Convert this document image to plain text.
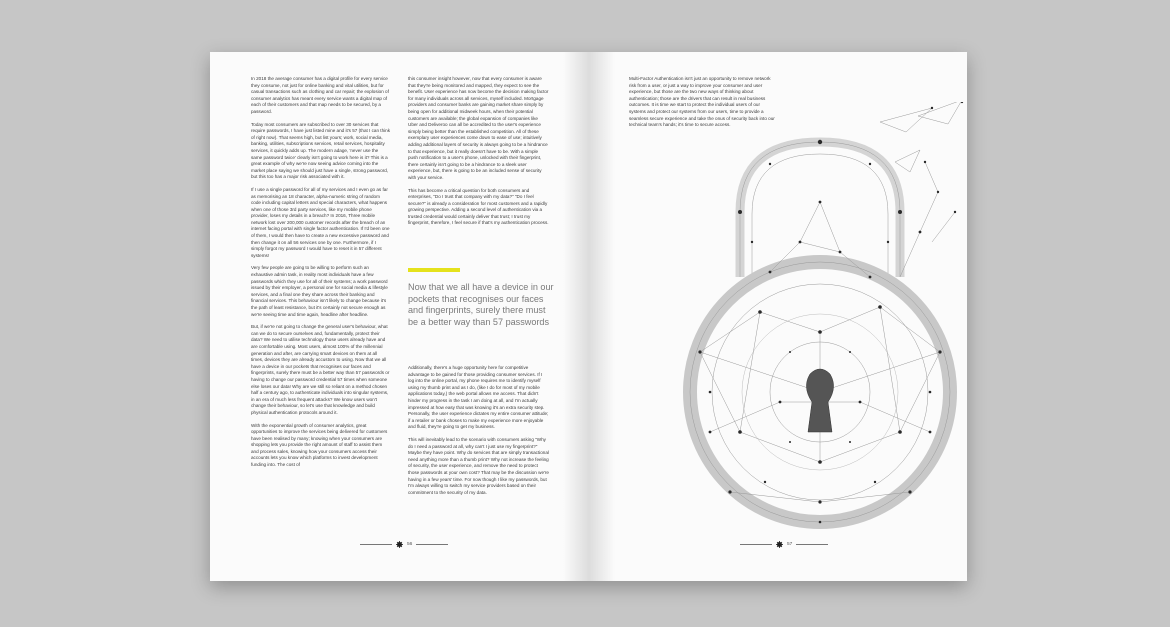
In 2018 the average consumer has a digital profile for every service they consume, not just for online banking and vital utilities, but for casual transactions such as clothing and car repair; the explosion of consumer analytics has meant every service wants a digital map of each of their customers and that map needs to be secured, by a password.

Today most consumers are subscribed to over 30 services that require passwords, I have just listed mine and it's 57 (that I can think of right now). That seems high, but list yours; work, social media, banking, utilities, subscriptions services, retail services, hospitality services, it quickly adds up. The modern adage, 'never use the same password twice' clearly isn't going to work here is it? This is a great example of why we're now seeing advice coming into the market place saying we should just have a single, strong password, but this too has a major risk associated with it.

If I use a single password for all of my services and I even go as far as memorising an 18 character, alpha-numeric string of random code including capital letters and special characters, what happens when one of those 3rd party services, like my mobile phone provider, loses my details in a breach? In 2016, Three mobile network lost over 200,000 customer records after the breach of an internet facing portal with single factor authentication. If I'd been one of them, I would then have to create a new excessive password and then change it on all 56 services one by one. Furthermore, if I simply forgot my password I would have to reset it in 57 different systems!

Very few people are going to be willing to perform such an exhaustive admin task, in reality most individuals have a few passwords which they use for all of their systems; a work password issued by their employer, a personal one for social media & lifestyle services, and a final one they share across their banking and financial services. This behaviour isn't likely to change because it's the path of least resistance, but it's certainly not secure enough as we're seeing time and time again, headline after headline.

But, if we're not going to change the general user's behaviour, what can we do to secure ourselves and, fundamentally, protect their data? We need to utilise technology those users already have and are comfortable using. Most users, almost 100% of the millennial generation and after, are carrying smart devices on them at all times, devices they are already accustom to using. Now that we all have a device in our pockets that recognises our faces and fingerprints, surely there must be a better way than 57 passwords or having to change our password credential 57 times when someone else loses our data! Why are we still so reliant on a method chosen half a century ago, to authenticate individuals into singular systems, in an era of much less frequent attacks? We know users won't change their behaviour, so let's use that knowledge and build physical authentication protocols around it.

With the exponential growth of consumer analytics, great opportunities to improve the services being delivered for customers have been realised by many; knowing when your consumers are shopping lets you provide the right amount of staff to assist them and process sales, knowing how your consumers access their accounts lets you know which platforms to invest development funding into. The cost of

this consumer insight however, now that every consumer is aware that they're being monitored and mapped, they expect to see the benefit. User experience has now become the decision making factor for many individuals across all services, myself included. Mortgage providers and consumer banks are gaining market share simply by being open for additional midweek hours, when their potential customers are available; the global expansion of companies like Uber and Deliveroo can all be accredited to the user's experience simply being better than the established competition. All of these exemplary user experiences come down to ease of use; intuitively adding additional layers of security is always going to be a hindrance to that experience, but it really doesn't have to be. With a simple push notification to a user's phone, unlocked with their fingerprint, there certainly isn't going to be a hindrance to a sleek user experience, but, there is going to be an included sense of security with your service.

This has become a critical question for both consumers and enterprises, "Do I trust that company with my data?" "Do I feel secure?" is already a consideration for most customers and a rapidly growing perspective. Adding a second level of authentication via a trusted credential would certainly deliver that trust; I trust my fingerprint, therefore, I feel secure if that's my authentication process.

Now that we all have a device in our pockets that recognises our faces and fingerprints, surely there must be a better way than 57 passwords

Additionally, there's a huge opportunity here for competitive advantage to be gained for those providing consumer services. If I log into the online portal, my phone requires me to identify myself using my thumb print and as I do, (like I do for most of my mobile applications today,) the web portal allows me access. That didn't hinder my progress in the task I am doing at all, and I'm actually impressed at how easy that was knowing it's an extra security step. Personally, the user experience dictates my entire consumer attitude; if a retailer or bank choses to make my experience more enjoyable and fluid, they're going to get my business.

This will inevitably lead to the scenario with consumers asking "Why do I need a password at all, why can't I just use my fingerprint?" Maybe they have point. Why do services that are simply transactional need anything more than a thumb print? Why not increase the feeling of security, the user experience, and remove the need to protect those passwords at your own cost? That may be the discussion we're having in a few years' time. For now though I like my passwords, but I'm always willing to switch my service providers based on their commitment to the security of my data.

56

Multi-Factor Authentication isn't just an opportunity to remove network risk from a user, or just a way to improve your consumer and user experience, but those are the two new ways of thinking about authentication; those are the drivers that can result in real business outcomes. It is time we start to protect the individual users of our systems and protect our systems from our users, time to provide a seamless secure experience and take the onus of security back into our technical team's hands; it's time to secure access.

57
